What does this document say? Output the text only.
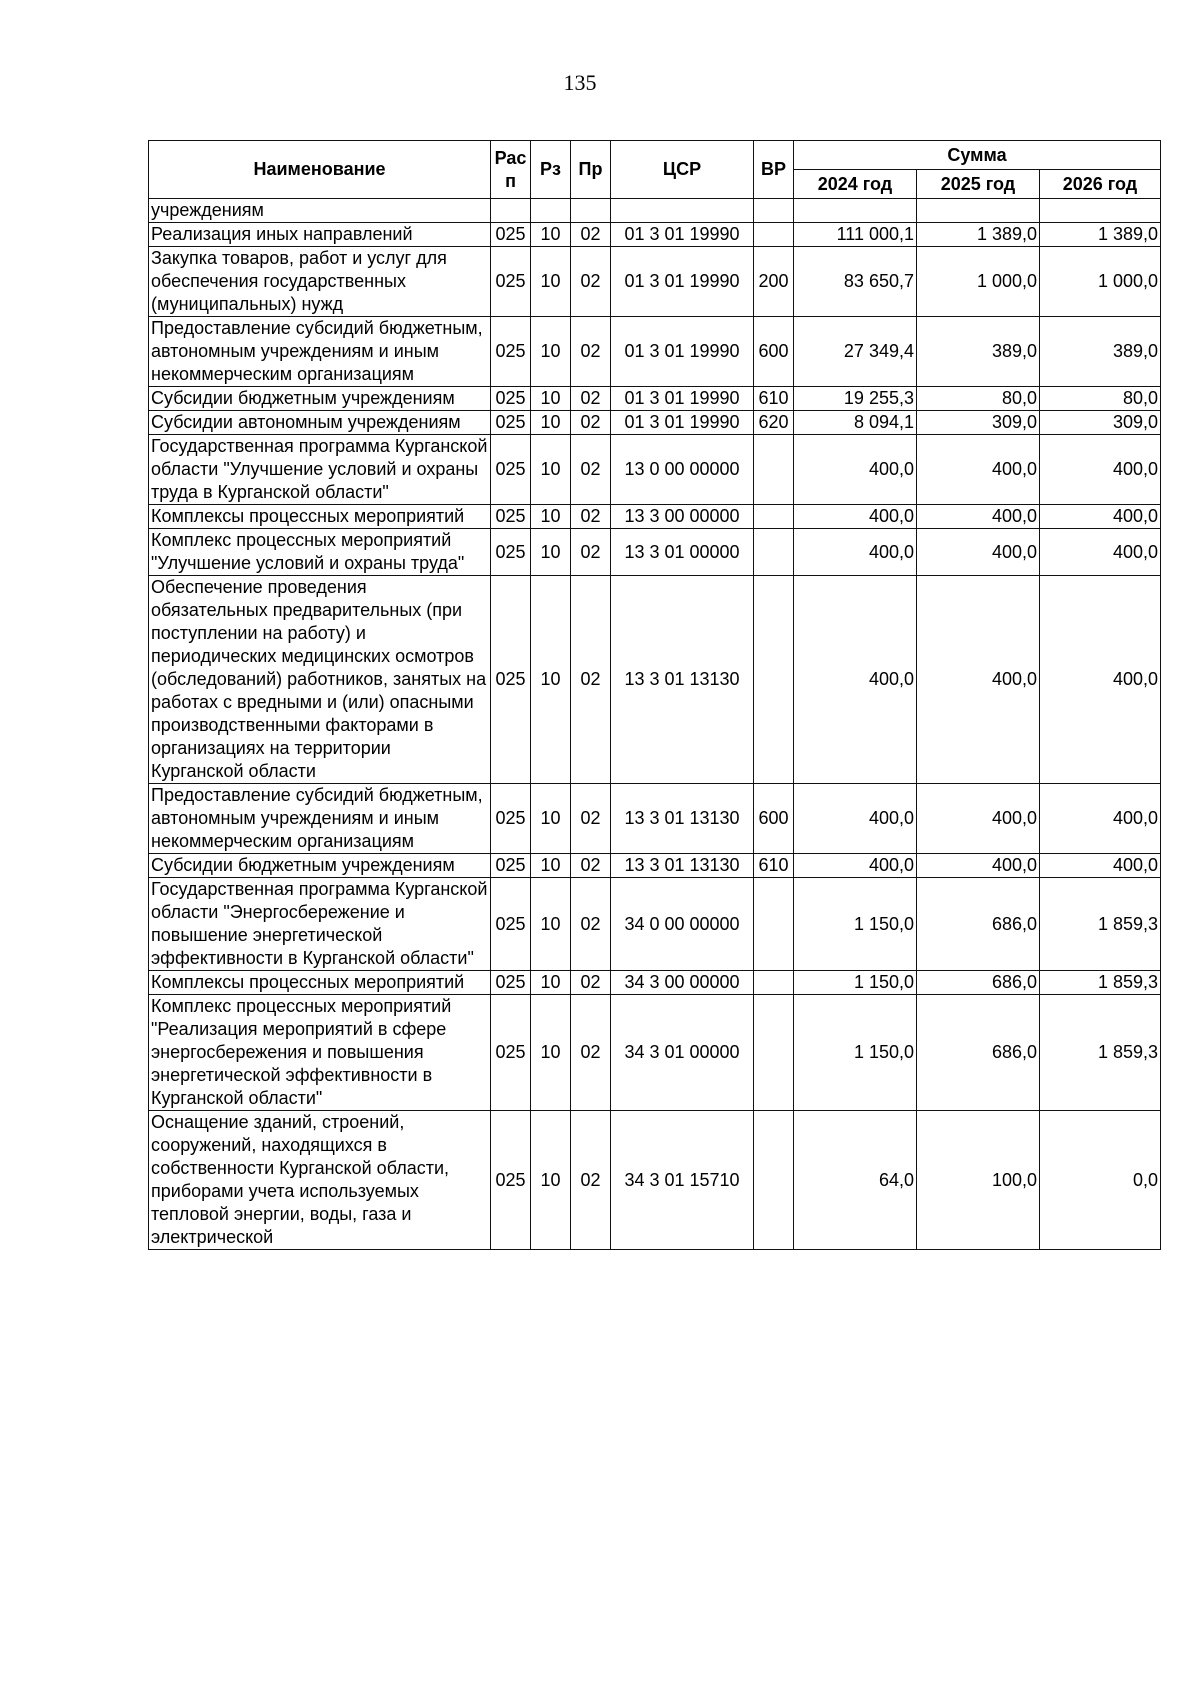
135
Наименование	Рас п	Рз	Пр	ЦСР	ВР	Сумма		
						2024 год	2025 год	2026 год
учреждениям								
Реализация иных направлений	025	10	02	01 3 01 19990		111 000,1	1 389,0	1 389,0
Закупка товаров, работ и услуг для обеспечения государственных (муниципальных) нужд	025	10	02	01 3 01 19990	200	83 650,7	1 000,0	1 000,0
Предоставление субсидий бюджетным, автономным учреждениям и иным некоммерческим организациям	025	10	02	01 3 01 19990	600	27 349,4	389,0	389,0
Субсидии бюджетным учреждениям	025	10	02	01 3 01 19990	610	19 255,3	80,0	80,0
Субсидии автономным учреждениям	025	10	02	01 3 01 19990	620	8 094,1	309,0	309,0
Государственная программа Курганской области "Улучшение условий и охраны труда в Курганской области"	025	10	02	13 0 00 00000		400,0	400,0	400,0
Комплексы процессных мероприятий	025	10	02	13 3 00 00000		400,0	400,0	400,0
Комплекс процессных мероприятий "Улучшение условий и охраны труда"	025	10	02	13 3 01 00000		400,0	400,0	400,0
Обеспечение проведения обязательных предварительных (при поступлении на работу) и периодических медицинских осмотров (обследований) работников, занятых на работах с вредными и (или) опасными производственными факторами в организациях на территории Курганской области	025	10	02	13 3 01 13130		400,0	400,0	400,0
Предоставление субсидий бюджетным, автономным учреждениям и иным некоммерческим организациям	025	10	02	13 3 01 13130	600	400,0	400,0	400,0
Субсидии бюджетным учреждениям	025	10	02	13 3 01 13130	610	400,0	400,0	400,0
Государственная программа Курганской области "Энергосбережение и повышение энергетической эффективности в Курганской области"	025	10	02	34 0 00 00000		1 150,0	686,0	1 859,3
Комплексы процессных мероприятий	025	10	02	34 3 00 00000		1 150,0	686,0	1 859,3
Комплекс процессных мероприятий "Реализация мероприятий в сфере энергосбережения и повышения энергетической эффективности в Курганской области"	025	10	02	34 3 01 00000		1 150,0	686,0	1 859,3
Оснащение зданий, строений, сооружений, находящихся в собственности Курганской области, приборами учета используемых тепловой энергии, воды, газа и электрической	025	10	02	34 3 01 15710		64,0	100,0	0,0
